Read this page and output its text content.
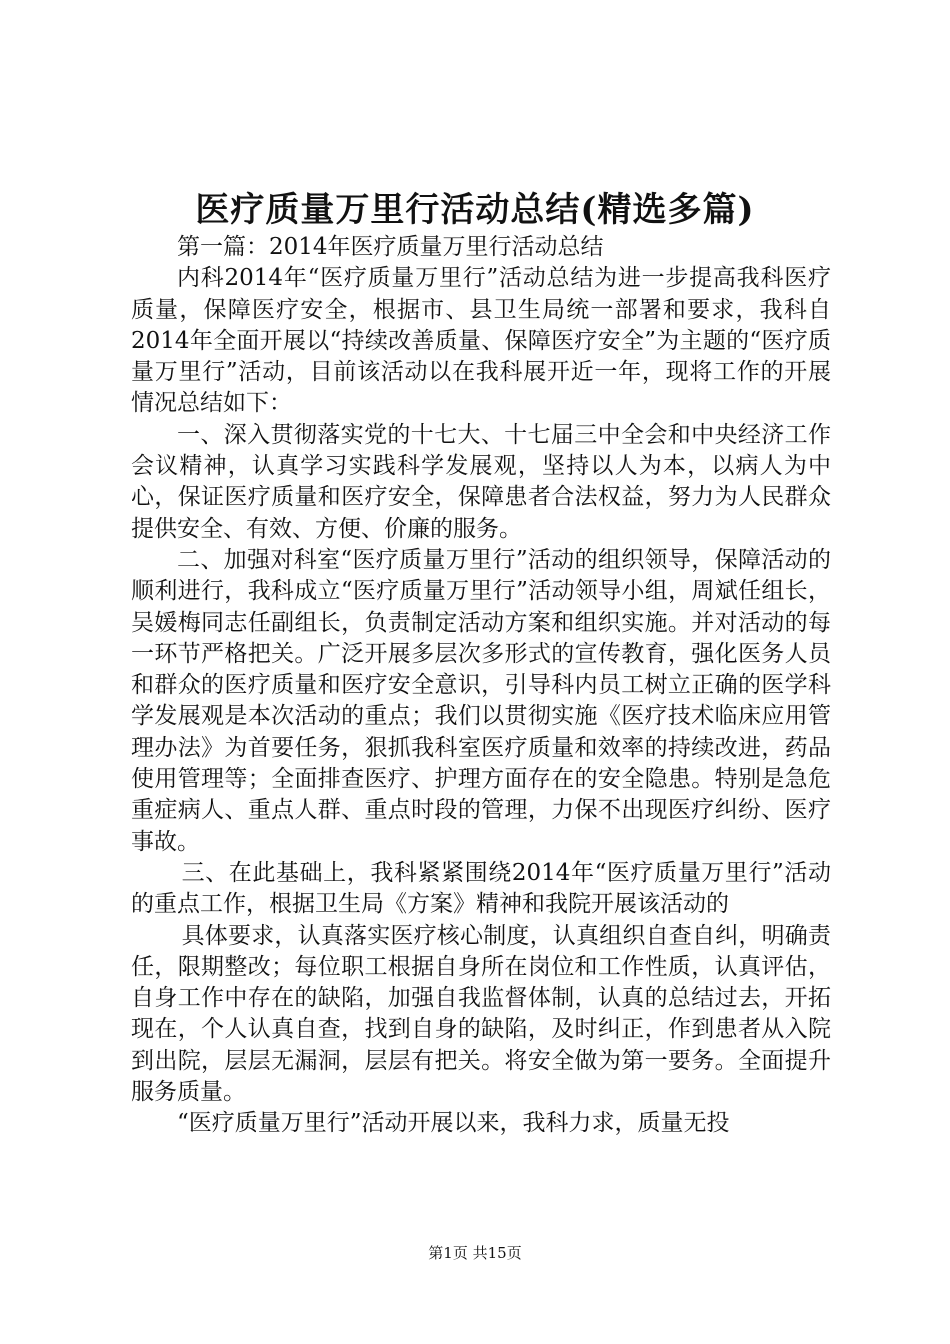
医疗质量万里行活动总结(精选多篇)

第一篇：2014年医疗质量万里行活动总结

内科2014年“医疗质量万里行”活动总结为进一步提高我科医疗质量，保障医疗安全，根据市、县卫生局统一部署和要求，我科自2014年全面开展以“持续改善质量、保障医疗安全”为主题的“医疗质量万里行”活动，目前该活动以在我科展开近一年，现将工作的开展情况总结如下：

一、深入贯彻落实党的十七大、十七届三中全会和中央经济工作会议精神，认真学习实践科学发展观，坚持以人为本，以病人为中心，保证医疗质量和医疗安全，保障患者合法权益，努力为人民群众提供安全、有效、方便、价廉的服务。

二、加强对科室“医疗质量万里行”活动的组织领导，保障活动的顺利进行，我科成立“医疗质量万里行”活动领导小组，周斌任组长，吴媛梅同志任副组长，负责制定活动方案和组织实施。并对活动的每一环节严格把关。广泛开展多层次多形式的宣传教育，强化医务人员和群众的医疗质量和医疗安全意识，引导科内员工树立正确的医学科学发展观是本次活动的重点；我们以贯彻实施《医疗技术临床应用管理办法》为首要任务，狠抓我科室医疗质量和效率的持续改进，药品使用管理等；全面排查医疗、护理方面存在的安全隐患。特别是急危重症病人、重点人群、重点时段的管理，力保不出现医疗纠纷、医疗事故。

三、在此基础上，我科紧紧围绕2014年“医疗质量万里行”活动的重点工作，根据卫生局《方案》精神和我院开展该活动的

具体要求，认真落实医疗核心制度，认真组织自查自纠，明确责任，限期整改；每位职工根据自身所在岗位和工作性质，认真评估，自身工作中存在的缺陷，加强自我监督体制，认真的总结过去，开拓现在，个人认真自查，找到自身的缺陷，及时纠正，作到患者从入院到出院，层层无漏洞，层层有把关。将安全做为第一要务。全面提升服务质量。

“医疗质量万里行”活动开展以来，我科力求，质量无投

第1页 共15页
